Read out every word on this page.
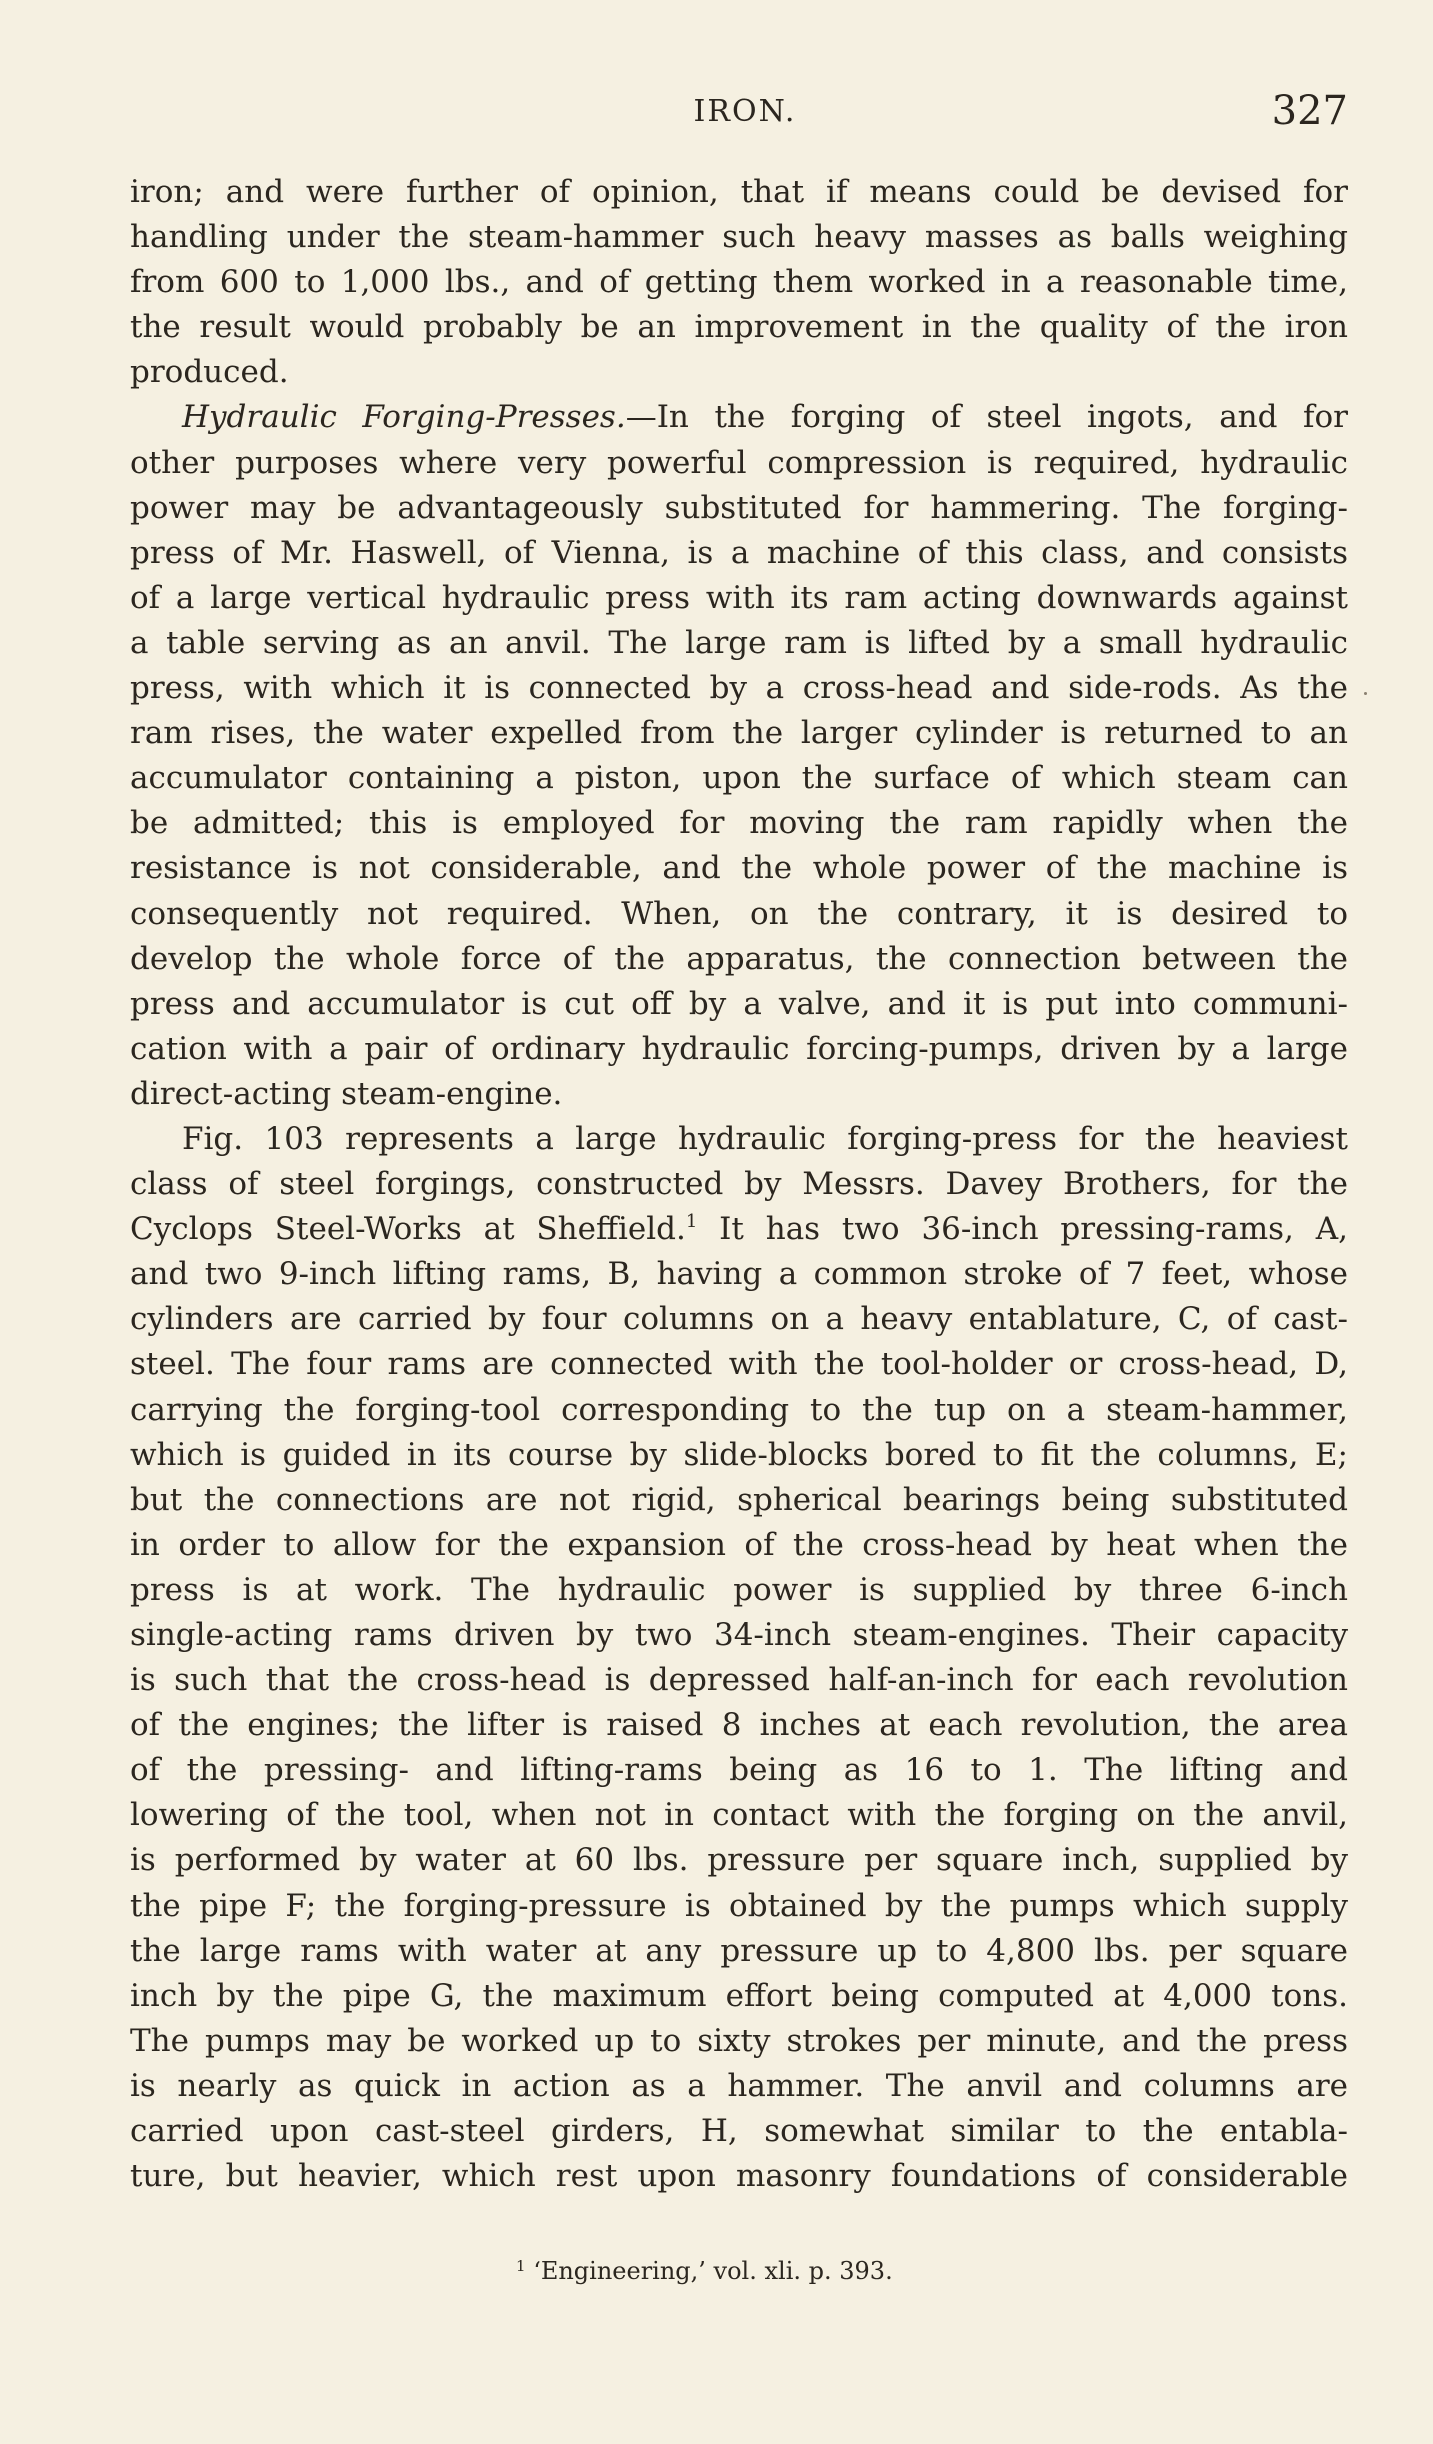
IRON.	327
iron; and were further of opinion, that if means could be devised for
handling under the steam-hammer such heavy masses as balls weighing
from 600 to 1,000 lbs., and of getting them worked in a reasonable time,
the result would probably be an improvement in the quality of the iron
produced.
Hydraulic Forging-Presses.—In the forging of steel ingots, and for
other purposes where very powerful compression is required, hydraulic
power may be advantageously substituted for hammering. The forging-
press of Mr. Haswell, of Vienna, is a machine of this class, and consists
of a large vertical hydraulic press with its ram acting downwards against
a table serving as an anvil. The large ram is lifted by a small hydraulic
press, with which it is connected by a cross-head and side-rods. As the
ram rises, the water expelled from the larger cylinder is returned to an
accumulator containing a piston, upon the surface of which steam can
be admitted; this is employed for moving the ram rapidly when the
resistance is not considerable, and the whole power of the machine is
consequently not required. When, on the contrary, it is desired to
develop the whole force of the apparatus, the connection between the
press and accumulator is cut off by a valve, and it is put into communi-
cation with a pair of ordinary hydraulic forcing-pumps, driven by a large
direct-acting steam-engine.
Fig. 103 represents a large hydraulic forging-press for the heaviest
class of steel forgings, constructed by Messrs. Davey Brothers, for the
Cyclops Steel-Works at Sheffield.$^1$ It has two 36-inch pressing-rams, A,
and two 9-inch lifting rams, B, having a common stroke of 7 feet, whose
cylinders are carried by four columns on a heavy entablature, C, of cast-
steel. The four rams are connected with the tool-holder or cross-head, D,
carrying the forging-tool corresponding to the tup on a steam-hammer,
which is guided in its course by slide-blocks bored to fit the columns, E;
but the connections are not rigid, spherical bearings being substituted
in order to allow for the expansion of the cross-head by heat when the
press is at work. The hydraulic power is supplied by three 6-inch
single-acting rams driven by two 34-inch steam-engines. Their capacity
is such that the cross-head is depressed half-an-inch for each revolution
of the engines; the lifter is raised 8 inches at each revolution, the area
of the pressing- and lifting-rams being as 16 to 1. The lifting and
lowering of the tool, when not in contact with the forging on the anvil,
is performed by water at 60 lbs. pressure per square inch, supplied by
the pipe F; the forging-pressure is obtained by the pumps which supply
the large rams with water at any pressure up to 4,800 lbs. per square
inch by the pipe G, the maximum effort being computed at 4,000 tons.
The pumps may be worked up to sixty strokes per minute, and the press
is nearly as quick in action as a hammer. The anvil and columns are
carried upon cast-steel girders, H, somewhat similar to the entabla-
ture, but heavier, which rest upon masonry foundations of considerable
$^1$ ‘Engineering,’ vol. xli. p. 393.
